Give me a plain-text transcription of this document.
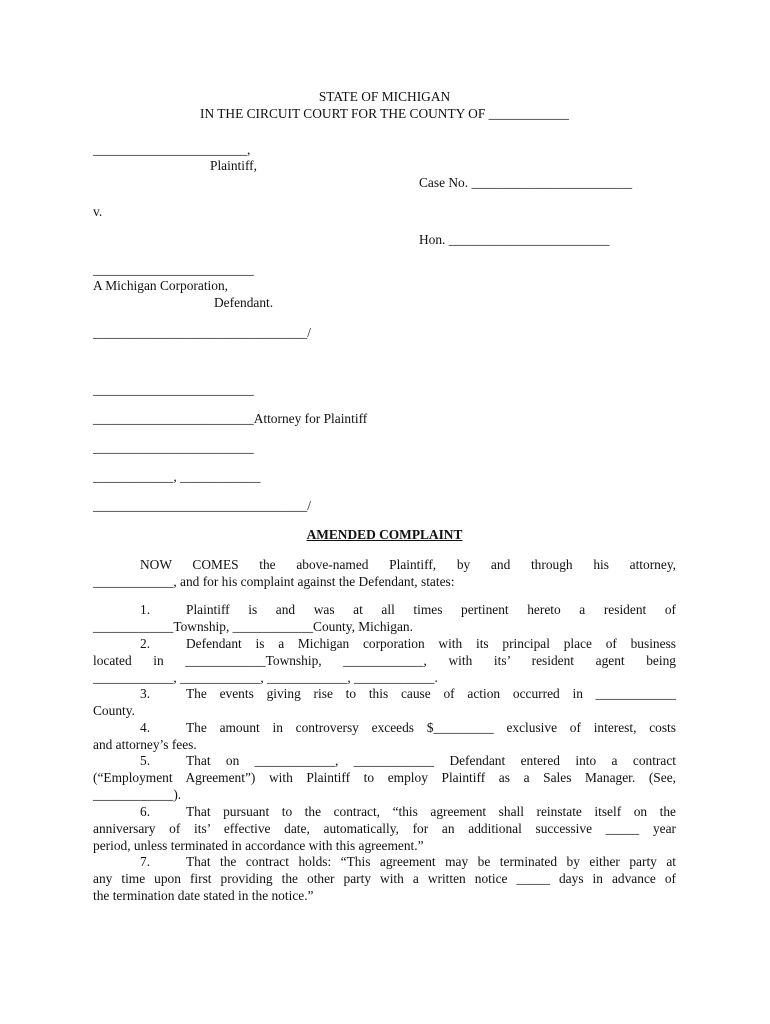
STATE OF MICHIGAN
IN THE CIRCUIT COURT FOR THE COUNTY OF ____________
_______________________,
Plaintiff,
Case No. ________________________
v.
Hon. ________________________
________________________
A Michigan Corporation,
Defendant.
________________________________/
________________________
________________________Attorney for Plaintiff
________________________
____________, ____________
________________________________/
AMENDED COMPLAINT
NOW COMES the above-named Plaintiff, by and through his attorney,
____________, and for his complaint against the Defendant, states:
1.	Plaintiff is and was at all times pertinent hereto a resident of
____________Township, ____________County, Michigan.
2.	Defendant is a Michigan corporation with its principal place of business
located in ____________Township, ____________, with its’ resident agent being
____________, ____________, ____________, ____________.
3.	The events giving rise to this cause of action occurred in ____________
County.
4.	The amount in controversy exceeds $_________ exclusive of interest, costs
and attorney’s fees.
5.	That on ____________, ____________ Defendant entered into a contract
(“Employment Agreement”) with Plaintiff to employ Plaintiff as a Sales Manager. (See,
____________).
6.	That pursuant to the contract, “this agreement shall reinstate itself on the
anniversary of its’ effective date, automatically, for an additional successive _____ year
period, unless terminated in accordance with this agreement.”
7.	That the contract holds: “This agreement may be terminated by either party at
any time upon first providing the other party with a written notice _____ days in advance of
the termination date stated in the notice.”
